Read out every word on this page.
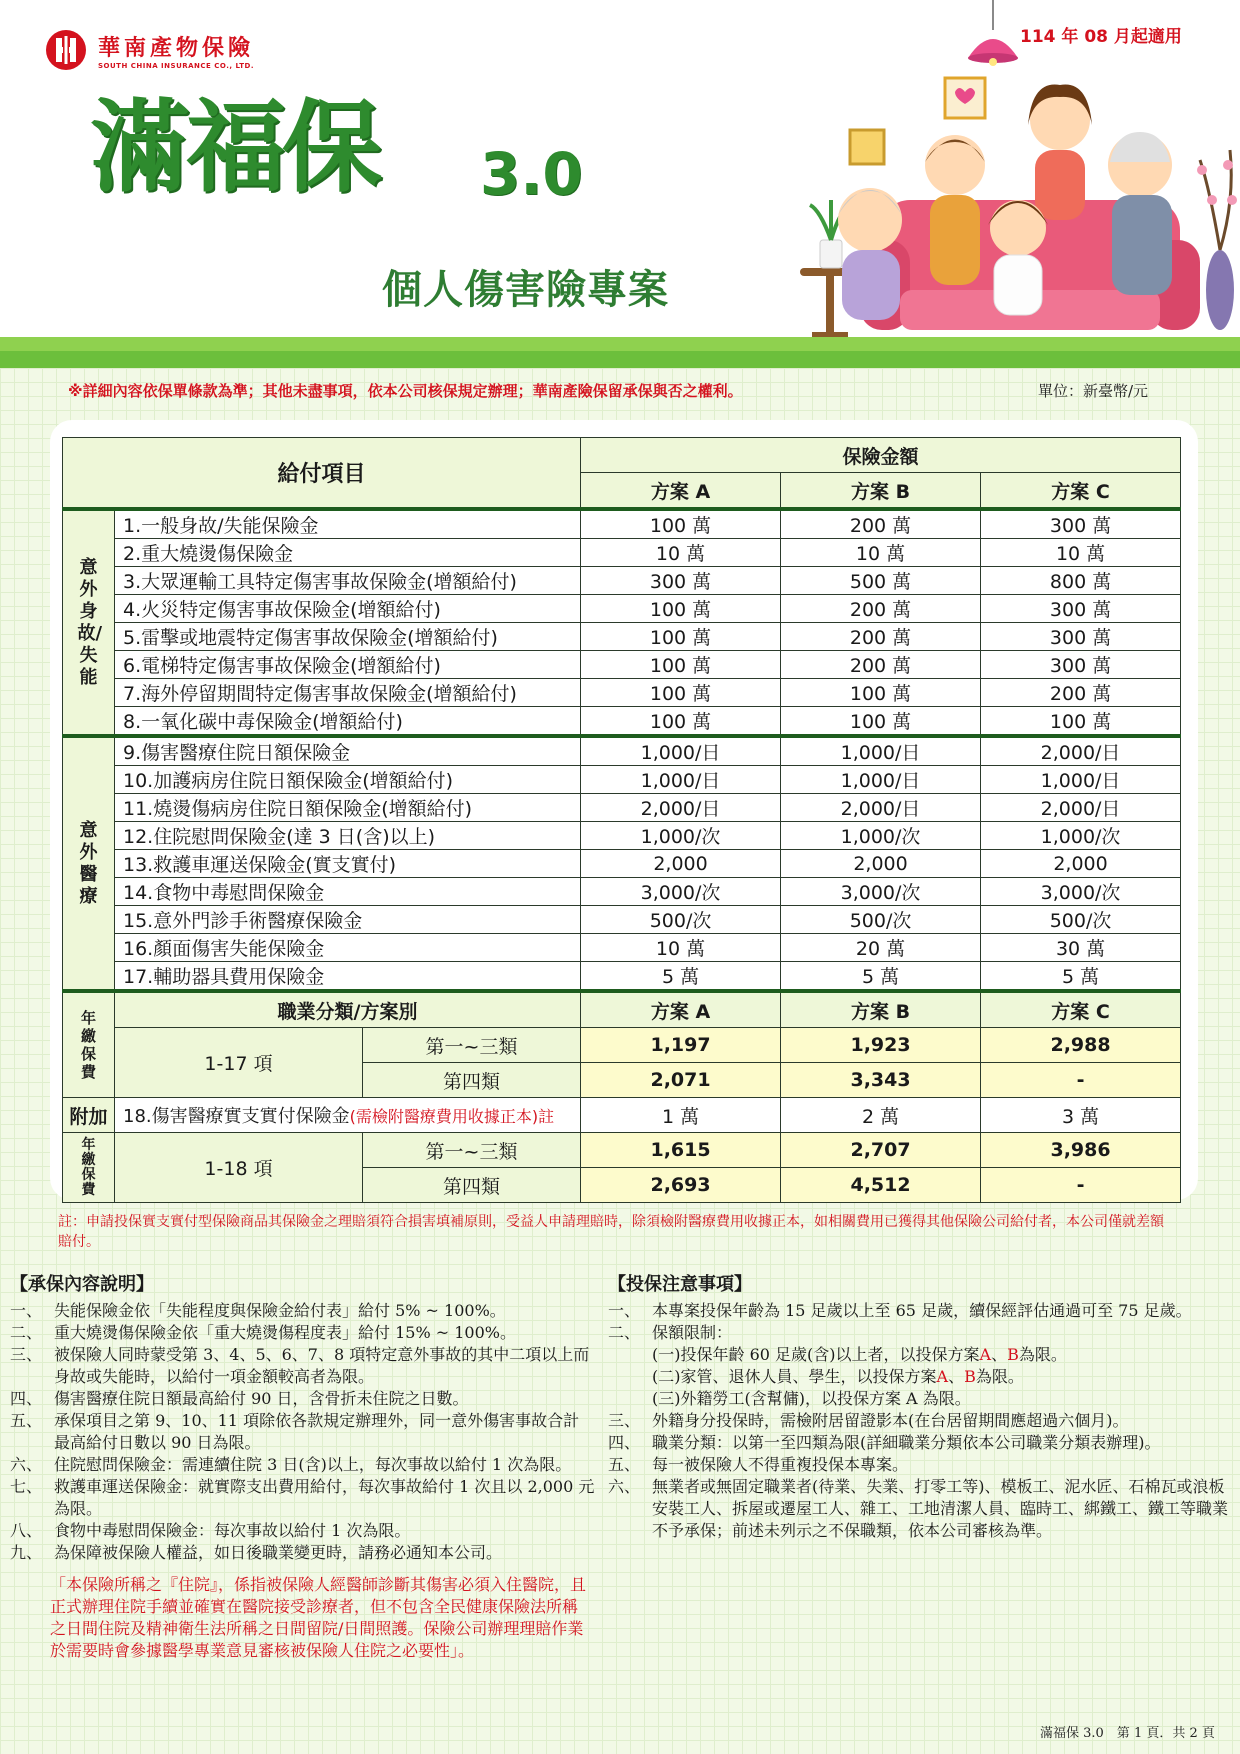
華南產物保險
SOUTH CHINA INSURANCE CO., LTD.
114 年 08 月起適用
滿福保 3.0
個人傷害險專案
※詳細內容依保單條款為準；其他未盡事項，依本公司核保規定辦理；華南產險保留承保與否之權利。	單位：新臺幣/元
給付項目			保險金額		
			方案 A	方案 B	方案 C

意外身故/失能	1.一般身故/失能保險金		100 萬	200 萬	300 萬
	2.重大燒燙傷保險金		10 萬	10 萬	10 萬
	3.大眾運輸工具特定傷害事故保險金(增額給付)		300 萬	500 萬	800 萬
	4.火災特定傷害事故保險金(增額給付)		100 萬	200 萬	300 萬
	5.雷擊或地震特定傷害事故保險金(增額給付)		100 萬	200 萬	300 萬
	6.電梯特定傷害事故保險金(增額給付)		100 萬	200 萬	300 萬
	7.海外停留期間特定傷害事故保險金(增額給付)		100 萬	100 萬	200 萬
	8.一氧化碳中毒保險金(增額給付)		100 萬	100 萬	100 萬

意外醫療	9.傷害醫療住院日額保險金		1,000/日	1,000/日	2,000/日
	10.加護病房住院日額保險金(增額給付)		1,000/日	1,000/日	1,000/日
	11.燒燙傷病房住院日額保險金(增額給付)		2,000/日	2,000/日	2,000/日
	12.住院慰問保險金(達 3 日(含)以上)		1,000/次	1,000/次	1,000/次
	13.救護車運送保險金(實支實付)		2,000	2,000	2,000
	14.食物中毒慰問保險金		3,000/次	3,000/次	3,000/次
	15.意外門診手術醫療保險金		500/次	500/次	500/次
	16.顏面傷害失能保險金		10 萬	20 萬	30 萬
	17.輔助器具費用保險金		5 萬	5 萬	5 萬

年繳保費	職業分類/方案別		方案 A	方案 B	方案 C
	1-17 項	第一~三類	1,197	1,923	2,988
		第四類	2,071	3,343	-
附加	18.傷害醫療實支實付保險金(需檢附醫療費用收據正本)註		1 萬	2 萬	3 萬

年繳保費	1-18 項	第一~三類	1,615	2,707	3,986
		第四類	2,693	4,512	-
註：申請投保實支實付型保險商品其保險金之理賠須符合損害填補原則，受益人申請理賠時，除須檢附醫療費用收據正本，如相關費用已獲得其他保險公司給付者，本公司僅就差額賠付。
【承保內容說明】
一、 失能保險金依「失能程度與保險金給付表」給付 5% ~ 100%。
二、 重大燒燙傷保險金依「重大燒燙傷程度表」給付 15% ~ 100%。
三、 被保險人同時蒙受第 3、4、5、6、7、8 項特定意外事故的其中二項以上而身故或失能時，以給付一項金額較高者為限。
四、 傷害醫療住院日額最高給付 90 日，含骨折未住院之日數。
五、 承保項目之第 9、10、11 項除依各款規定辦理外，同一意外傷害事故合計最高給付日數以 90 日為限。
六、 住院慰問保險金：需連續住院 3 日(含)以上，每次事故以給付 1 次為限。
七、 救護車運送保險金：就實際支出費用給付，每次事故給付 1 次且以 2,000 元為限。
八、 食物中毒慰問保險金：每次事故以給付 1 次為限。
九、 為保障被保險人權益，如日後職業變更時，請務必通知本公司。
「本保險所稱之『住院』，係指被保險人經醫師診斷其傷害必須入住醫院，且正式辦理住院手續並確實在醫院接受診療者，但不包含全民健康保險法所稱之日間住院及精神衛生法所稱之日間留院/日間照護。保險公司辦理理賠作業於需要時會參據醫學專業意見審核被保險人住院之必要性」。
【投保注意事項】
一、 本專案投保年齡為 15 足歲以上至 65 足歲，續保經評估通過可至 75 足歲。
二、 保額限制：
(一)投保年齡 60 足歲(含)以上者，以投保方案A、B為限。
(二)家管、退休人員、學生，以投保方案A、B為限。
(三)外籍勞工(含幫傭)，以投保方案 A 為限。
三、 外籍身分投保時，需檢附居留證影本(在台居留期間應超過六個月)。
四、 職業分類：以第一至四類為限(詳細職業分類依本公司職業分類表辦理)。
五、 每一被保險人不得重複投保本專案。
六、 無業者或無固定職業者(待業、失業、打零工等)、模板工、泥水匠、石棉瓦或浪板安裝工人、拆屋或遷屋工人、雜工、工地清潔人員、臨時工、綁鐵工、鐵工等職業不予承保；前述未列示之不保職類，依本公司審核為準。
滿福保 3.0　第 1 頁．共 2 頁
